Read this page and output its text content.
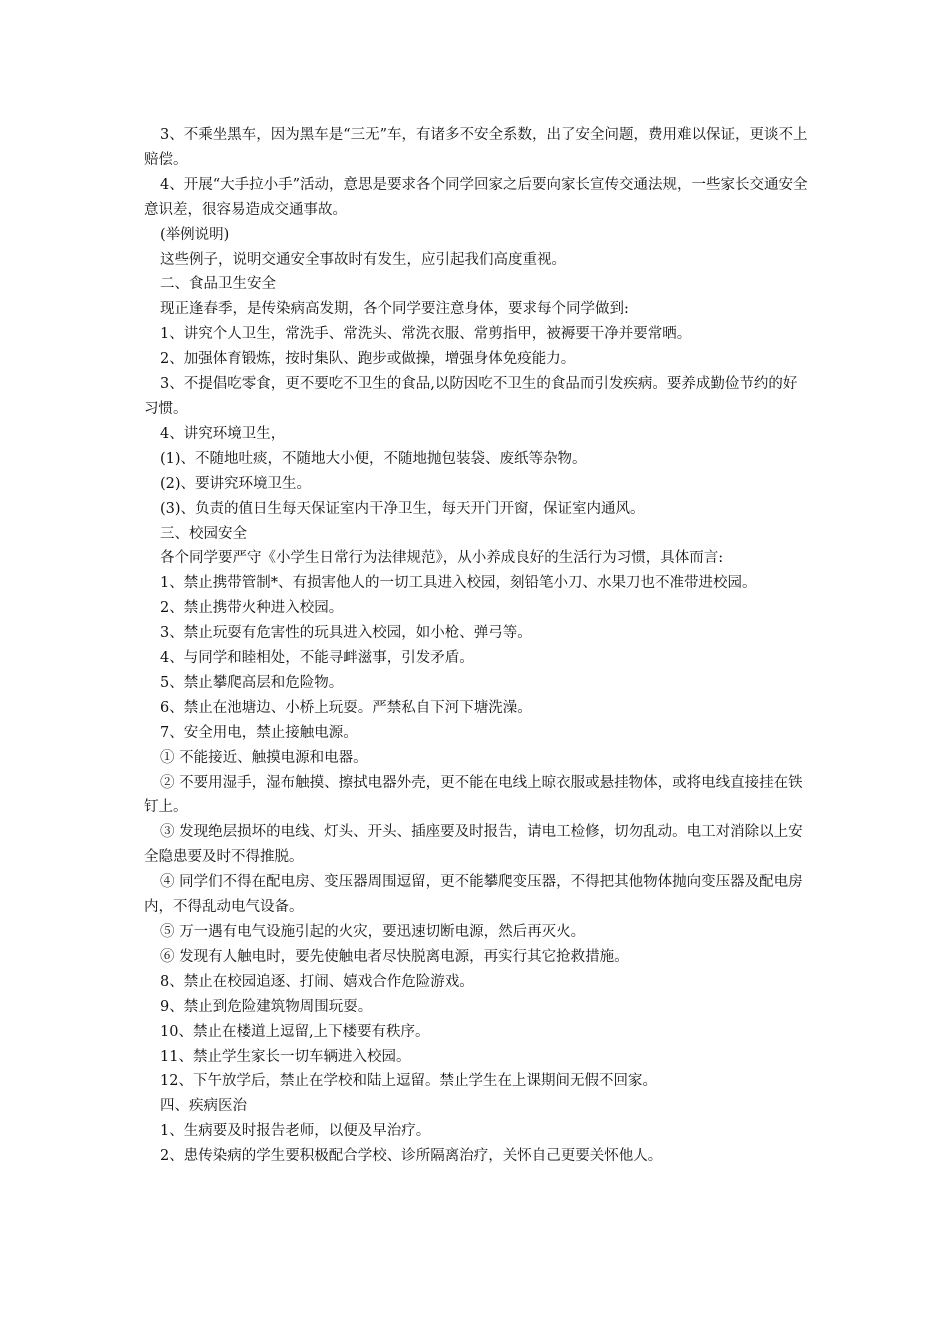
3、不乘坐黑车，因为黑车是“三无”车，有诸多不安全系数，出了安全问题，费用难以保证，更谈不上赔偿。

4、开展“大手拉小手”活动，意思是要求各个同学回家之后要向家长宣传交通法规，一些家长交通安全意识差，很容易造成交通事故。

(举例说明)

这些例子，说明交通安全事故时有发生，应引起我们高度重视。

二、食品卫生安全

现正逢春季，是传染病高发期，各个同学要注意身体，要求每个同学做到:

1、讲究个人卫生，常洗手、常洗头、常洗衣服、常剪指甲，被褥要干净并要常晒。

2、加强体育锻炼，按时集队、跑步或做操，增强身体免疫能力。

3、不提倡吃零食，更不要吃不卫生的食品,以防因吃不卫生的食品而引发疾病。要养成勤俭节约的好习惯。

4、讲究环境卫生，

(1)、不随地吐痰，不随地大小便，不随地抛包装袋、废纸等杂物。

(2)、要讲究环境卫生。

(3)、负责的值日生每天保证室内干净卫生，每天开门开窗，保证室内通风。

三、校园安全

各个同学要严守《小学生日常行为法律规范》，从小养成良好的生活行为习惯，具体而言:

1、禁止携带管制*、有损害他人的一切工具进入校园，刻铅笔小刀、水果刀也不准带进校园。

2、禁止携带火种进入校园。

3、禁止玩耍有危害性的玩具进入校园，如小枪、弹弓等。

4、与同学和睦相处，不能寻衅滋事，引发矛盾。

5、禁止攀爬高层和危险物。

6、禁止在池塘边、小桥上玩耍。严禁私自下河下塘洗澡。

7、安全用电，禁止接触电源。

① 不能接近、触摸电源和电器。

② 不要用湿手，湿布触摸、擦拭电器外壳，更不能在电线上晾衣服或悬挂物体，或将电线直接挂在铁钉上。

③ 发现绝层损坏的电线、灯头、开头、插座要及时报告，请电工检修，切勿乱动。电工对消除以上安全隐患要及时不得推脱。

④ 同学们不得在配电房、变压器周围逗留，更不能攀爬变压器，不得把其他物体抛向变压器及配电房内，不得乱动电气设备。

⑤ 万一遇有电气设施引起的火灾，要迅速切断电源，然后再灭火。

⑥ 发现有人触电时，要先使触电者尽快脱离电源，再实行其它抢救措施。

8、禁止在校园追逐、打闹、嬉戏合作危险游戏。

9、禁止到危险建筑物周围玩耍。

10、禁止在楼道上逗留,上下楼要有秩序。

11、禁止学生家长一切车辆进入校园。

12、下午放学后，禁止在学校和陆上逗留。禁止学生在上课期间无假不回家。

四、疾病医治

1、生病要及时报告老师，以便及早治疗。

2、患传染病的学生要积极配合学校、诊所隔离治疗，关怀自己更要关怀他人。
